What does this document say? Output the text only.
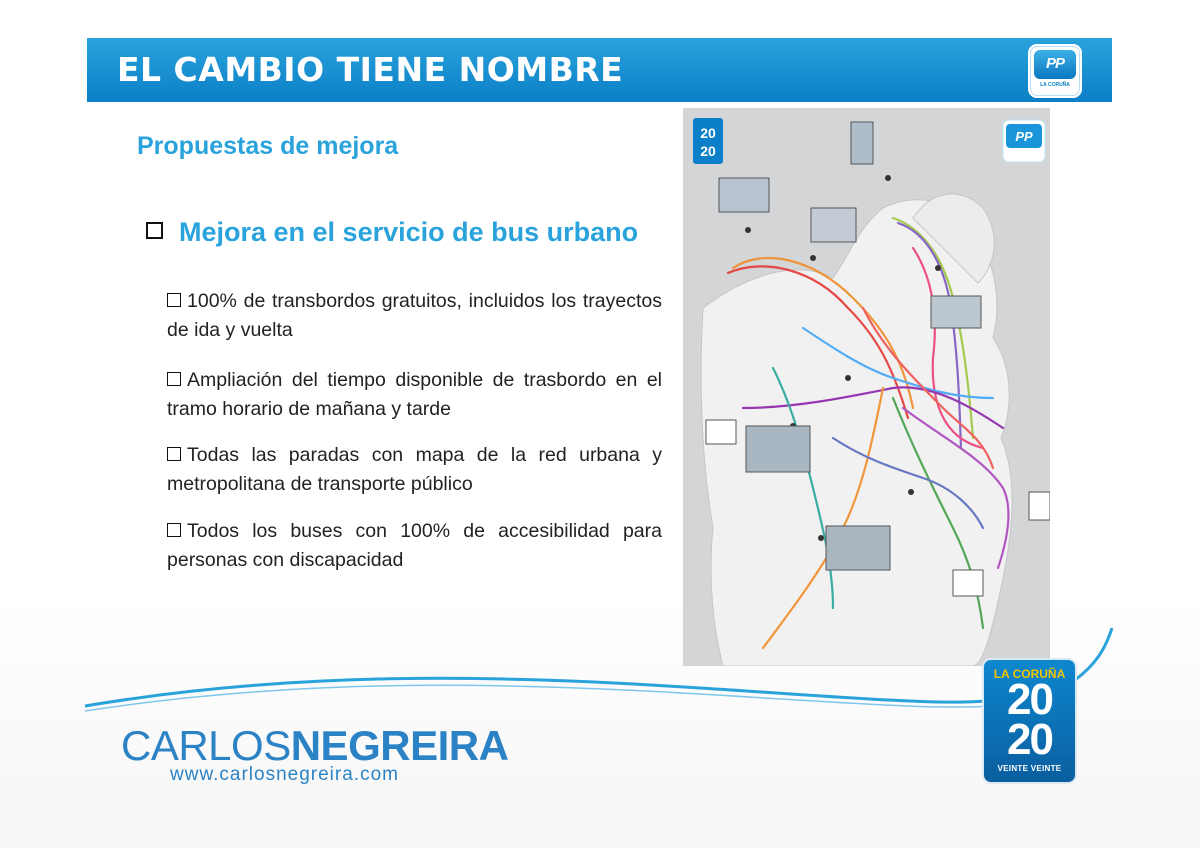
EL CAMBIO TIENE NOMBRE	PP
LA CORUÑA
Propuestas de mejora
Mejora en el servicio de bus urbano
100% de transbordos gratuitos, incluidos los trayectos de ida y vuelta
Ampliación del tiempo disponible de trasbordo en el tramo horario de mañana y tarde
Todas las paradas con mapa de la red urbana y metropolitana de transporte público
Todos los buses con 100% de accesibilidad para personas con discapacidad
20
20
PP
CARLOSNEGREIRA
www.carlosnegreira.com
LA CORUÑA
20
20
VEINTE VEINTE
